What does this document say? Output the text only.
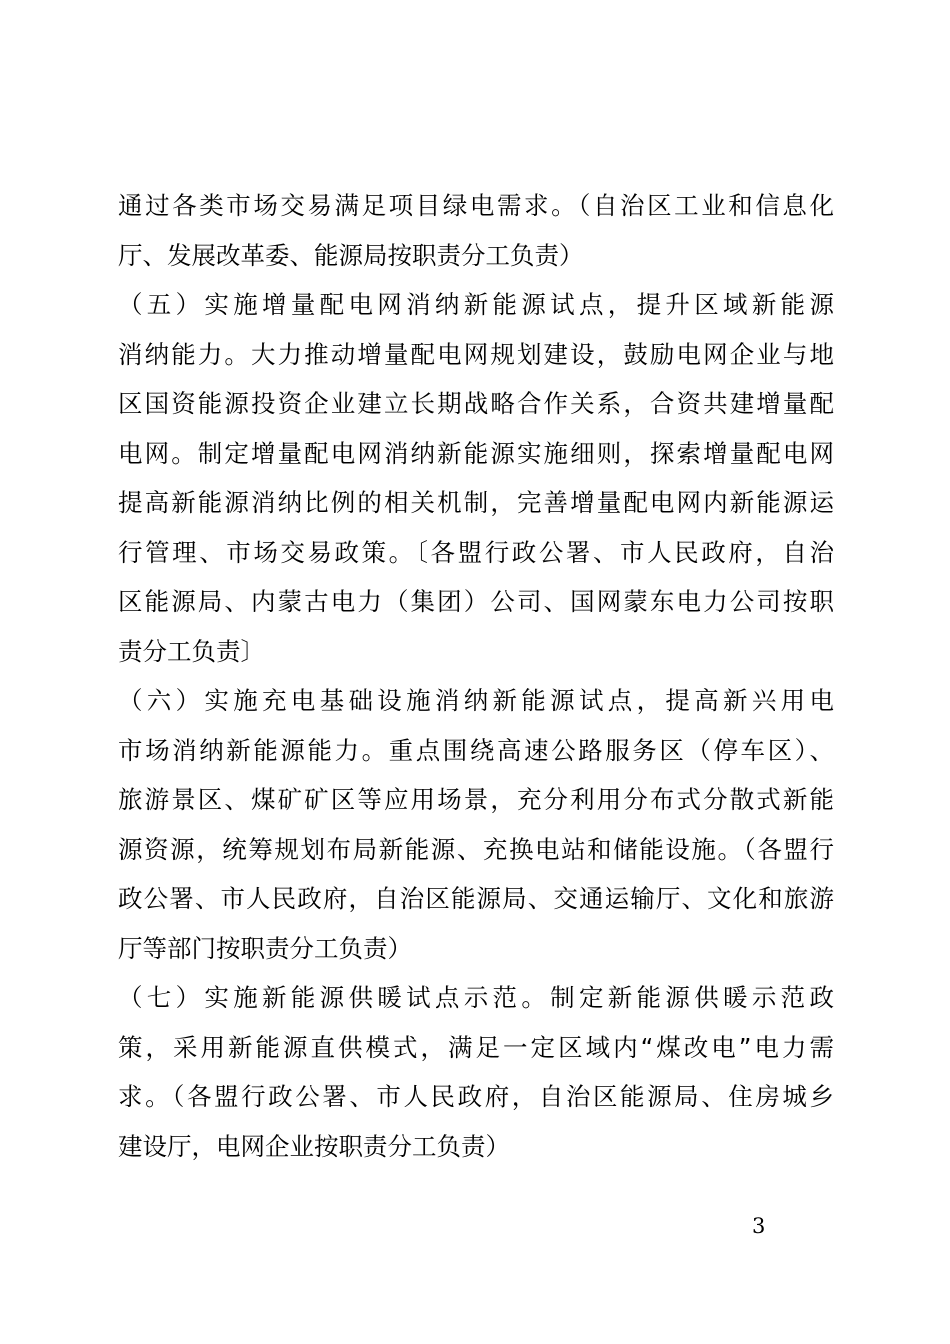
通过各类市场交易满足项目绿电需求。（自治区工业和信息化
厅、发展改革委、能源局按职责分工负责）
（五）实施增量配电网消纳新能源试点，提升区域新能源
消纳能力。大力推动增量配电网规划建设，鼓励电网企业与地
区国资能源投资企业建立长期战略合作关系，合资共建增量配
电网。制定增量配电网消纳新能源实施细则，探索增量配电网
提高新能源消纳比例的相关机制，完善增量配电网内新能源运
行管理、市场交易政策。〔各盟行政公署、市人民政府，自治
区能源局、内蒙古电力（集团）公司、国网蒙东电力公司按职
责分工负责〕
（六）实施充电基础设施消纳新能源试点，提高新兴用电
市场消纳新能源能力。重点围绕高速公路服务区（停车区）、
旅游景区、煤矿矿区等应用场景，充分利用分布式分散式新能
源资源，统筹规划布局新能源、充换电站和储能设施。（各盟行
政公署、市人民政府，自治区能源局、交通运输厅、文化和旅游
厅等部门按职责分工负责）
（七）实施新能源供暖试点示范。制定新能源供暖示范政
策，采用新能源直供模式，满足一定区域内“煤改电”电力需
求。（各盟行政公署、市人民政府，自治区能源局、住房城乡
建设厅，电网企业按职责分工负责）
3
